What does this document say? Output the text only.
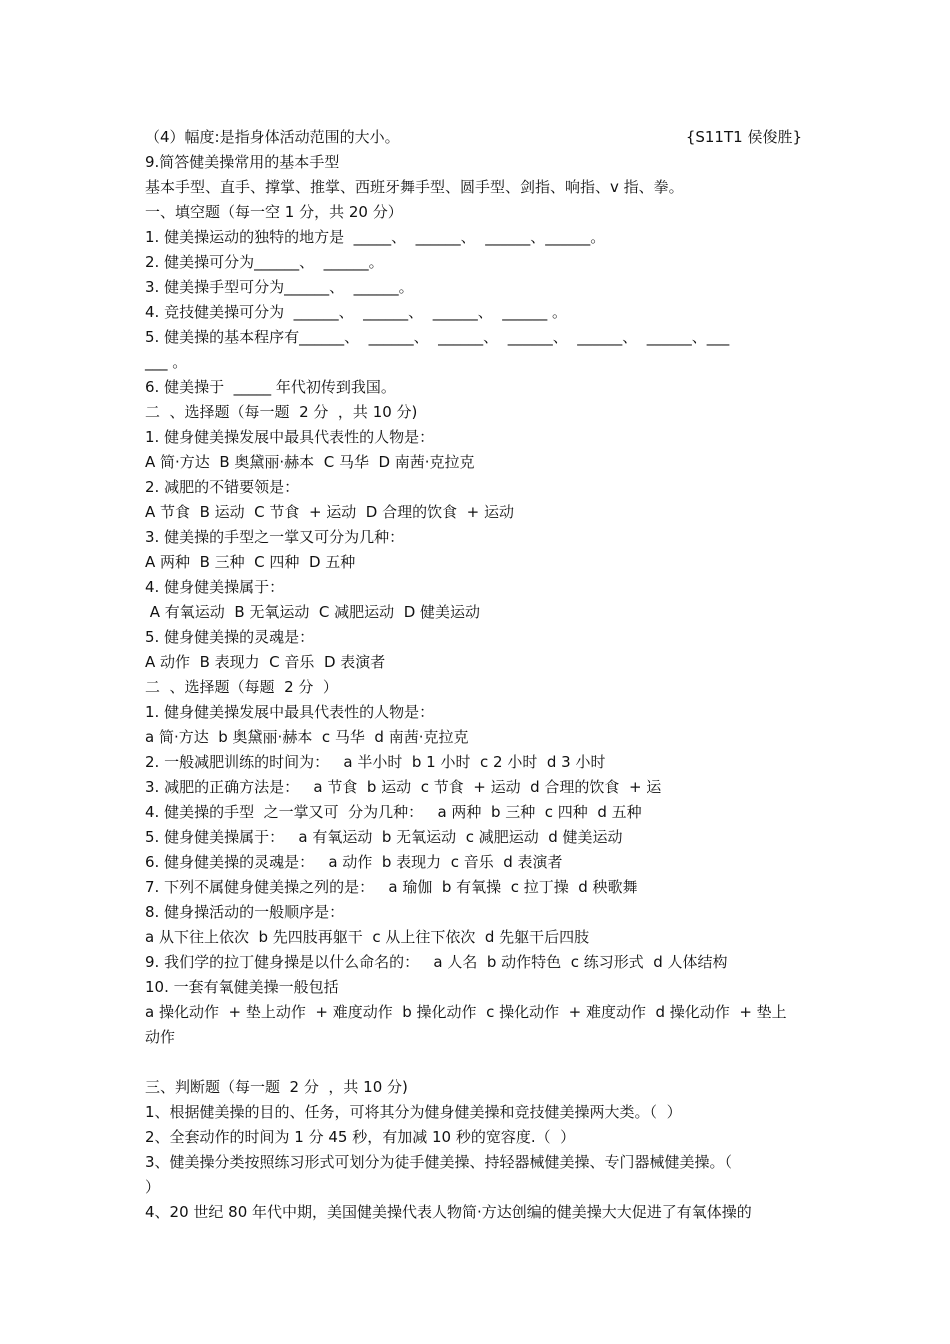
{S11T1 侯俊胜}
（4）幅度:是指身体活动范围的大小。
9.简答健美操常用的基本手型
基本手型、直手、撑掌、推掌、西班牙舞手型、圆手型、剑指、响指、v 指、拳。
一、填空题（每一空 1 分，共 20 分）
1. 健美操运动的独特的地方是  _____、  ______、  ______、______。
2. 健美操可分为______、  ______。
3. 健美操手型可分为______、  ______。
4. 竞技健美操可分为  ______、  ______、  ______、  ______ 。
5. 健美操的基本程序有______、  ______、  ______、  ______、  ______、  ______、___
___ 。
6. 健美操于  _____ 年代初传到我国。
二  、选择题（每一题  2 分  ，共 10 分)
1. 健身健美操发展中最具代表性的人物是：
A 简·方达  B 奥黛丽·赫本  C 马华  D 南茜·克拉克
2. 减肥的不错要领是：
A 节食  B 运动  C 节食  + 运动  D 合理的饮食  + 运动
3. 健美操的手型之一掌又可分为几种：
A 两种  B 三种  C 四种  D 五种
4. 健身健美操属于：
A 有氧运动  B 无氧运动  C 减肥运动  D 健美运动
5. 健身健美操的灵魂是：
A 动作  B 表现力  C 音乐  D 表演者
二  、选择题（每题  2 分  ）
1. 健身健美操发展中最具代表性的人物是：
a 简·方达  b 奥黛丽·赫本  c 马华  d 南茜·克拉克
2. 一般减肥训练的时间为：   a 半小时  b 1 小时  c 2 小时  d 3 小时
3. 减肥的正确方法是：   a 节食  b 运动  c 节食  + 运动  d 合理的饮食  + 运
4. 健美操的手型  之一掌又可  分为几种：   a 两种  b 三种  c 四种  d 五种
5. 健身健美操属于：   a 有氧运动  b 无氧运动  c 减肥运动  d 健美运动
6. 健身健美操的灵魂是：   a 动作  b 表现力  c 音乐  d 表演者
7. 下列不属健身健美操之列的是：   a 瑜伽  b 有氧操  c 拉丁操  d 秧歌舞
8. 健身操活动的一般顺序是：
a 从下往上依次  b 先四肢再躯干  c 从上往下依次  d 先躯干后四肢
9. 我们学的拉丁健身操是以什么命名的：   a 人名  b 动作特色  c 练习形式  d 人体结构
10. 一套有氧健美操一般包括
a 操化动作  + 垫上动作  + 难度动作  b 操化动作  c 操化动作  + 难度动作  d 操化动作  + 垫上
动作
三、判断题（每一题  2 分  ，共 10 分)
1、根据健美操的目的、任务，可将其分为健身健美操和竞技健美操两大类。（  ）
2、全套动作的时间为 1 分 45 秒，有加减 10 秒的宽容度.（  ）
3、健美操分类按照练习形式可划分为徒手健美操、持轻器械健美操、专门器械健美操。（
）
4、20 世纪 80 年代中期，美国健美操代表人物简·方达创编的健美操大大促进了有氧体操的
